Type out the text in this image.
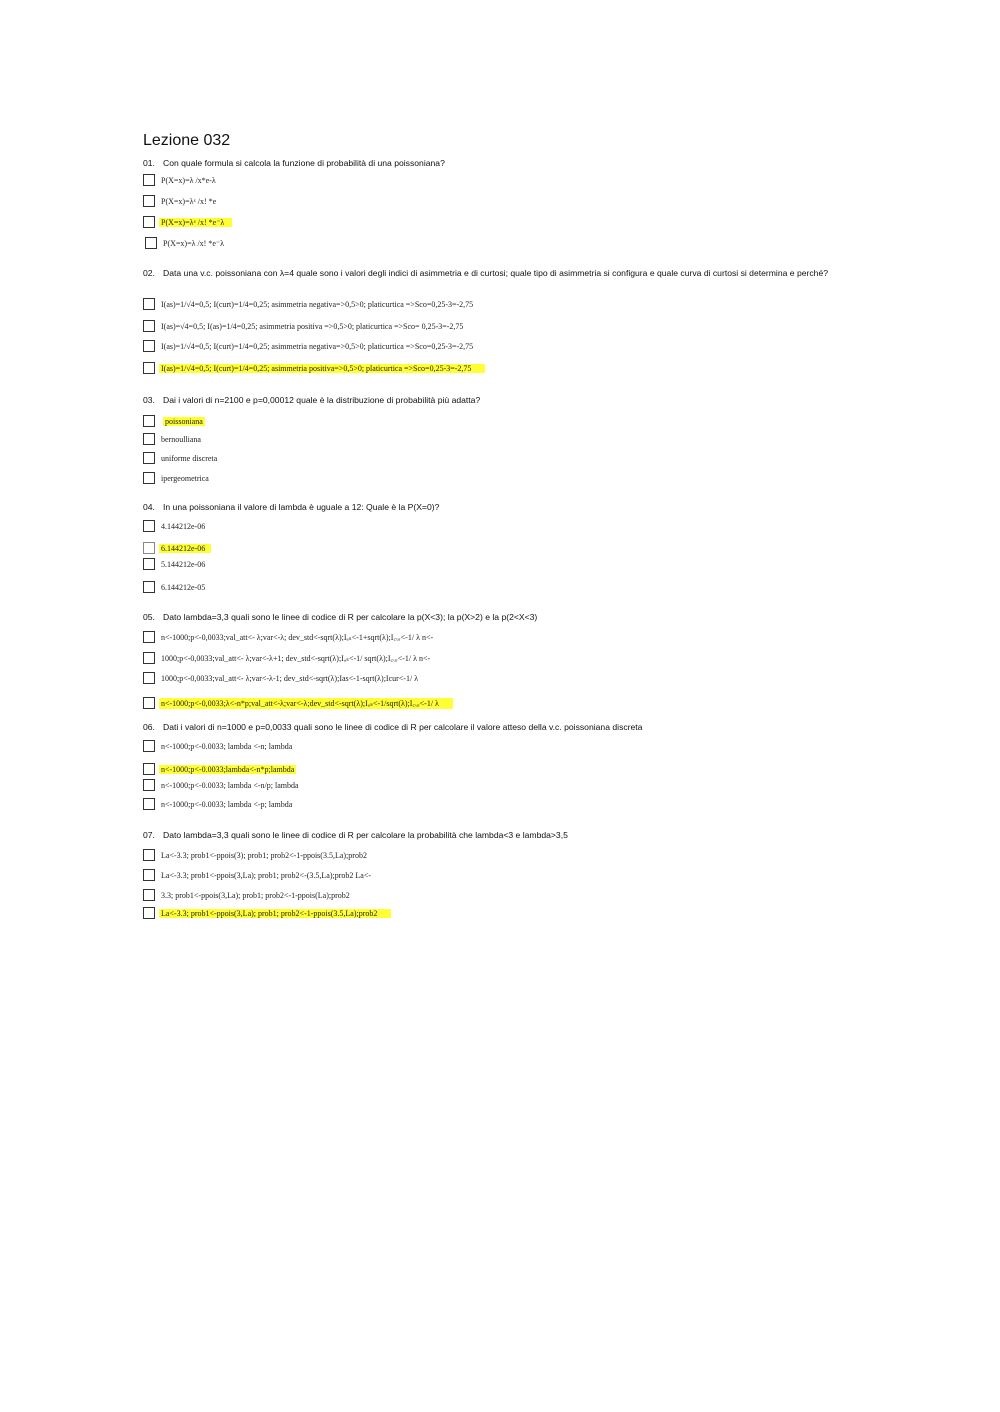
Lezione 032
01. Con quale formula si calcola la funzione di probabilità di una poissoniana?
P(X=x)=λ /x*e-λ
P(X=x)=λˣ /x! *e
P(X=x)=λˣ /x! *e⁻λ
P(X=x)=λ /x! *e⁻λ
02. Data una v.c. poissoniana con λ=4 quale sono i valori degli indici di asimmetria e di curtosi; quale tipo di asimmetria si configura e quale curva di curtosi si determina e perché?
I(as)=1/√4=0,5; I(curt)=1/4=0,25; asimmetria negativa=>0,5>0; platicurtica =>Sco=0,25-3=-2,75
I(as)=√4=0,5; I(as)=1/4=0,25; asimmetria positiva =>0,5>0; platicurtica =>Sco= 0,25-3=-2,75
I(as)=1/√4=0,5; I(curt)=1/4=0,25; asimmetria negativa=>0,5>0; platicurtica =>Sco=0,25-3=-2,75
I(as)=1/√4=0,5; I(curt)=1/4=0,25; asimmetria positiva=>0,5>0; platicurtica =>Sco=0,25-3=-2,75
03. Dai i valori di n=2100 e p=0,00012 quale è la distribuzione di probabilità più adatta?
poissoniana
bernoulliana
uniforme discreta
ipergeometrica
04. In una poissoniana il valore di lambda è uguale a 12: Quale è la P(X=0)?
4.144212e-06
6.144212e-06
5.144212e-06
6.144212e-05
05. Dato lambda=3,3 quali sono le linee di codice di R per calcolare la p(X<3); la p(X>2) e la p(2<X<3)
n<-1000;p<-0,0033;val_att<- λ;var<-λ; dev_std<-sqrt(λ);Iₐₛ<-1+sqrt(λ);I꜀ᵤᵣ<-1/ λ n<-
1000;p<-0,0033;val_att<- λ;var<-λ+1; dev_std<-sqrt(λ);Iₐₛ<-1/ sqrt(λ);I꜀ᵤᵣ<-1/ λ n<-
1000;p<-0,0033;val_att<- λ;var<-λ-1; dev_std<-sqrt(λ);Ias<-1-sqrt(λ);Icur<-1/ λ
n<-1000;p<-0,0033;λ<-n*p;val_att<-λ;var<-λ;dev_std<-sqrt(λ);Iₐₛ<-1/sqrt(λ);I꜀ᵤᵣ<-1/ λ
06. Dati i valori di n=1000 e p=0,0033 quali sono le linee di codice di R per calcolare il valore atteso della v.c. poissoniana discreta
n<-1000;p<-0.0033; lambda <-n; lambda
n<-1000;p<-0.0033;lambda<-n*p;lambda
n<-1000;p<-0.0033; lambda <-n/p; lambda
n<-1000;p<-0.0033; lambda <-p; lambda
07. Dato lambda=3,3 quali sono le linee di codice di R per calcolare la probabilità che lambda<3 e lambda>3,5
La<-3.3; prob1<-ppois(3); prob1; prob2<-1-ppois(3.5,La);prob2
La<-3.3; prob1<-ppois(3,La); prob1; prob2<-(3.5,La);prob2 La<-
3.3; prob1<-ppois(3,La); prob1; prob2<-1-ppois(La);prob2
La<-3.3; prob1<-ppois(3,La); prob1; prob2<-1-ppois(3.5,La);prob2
